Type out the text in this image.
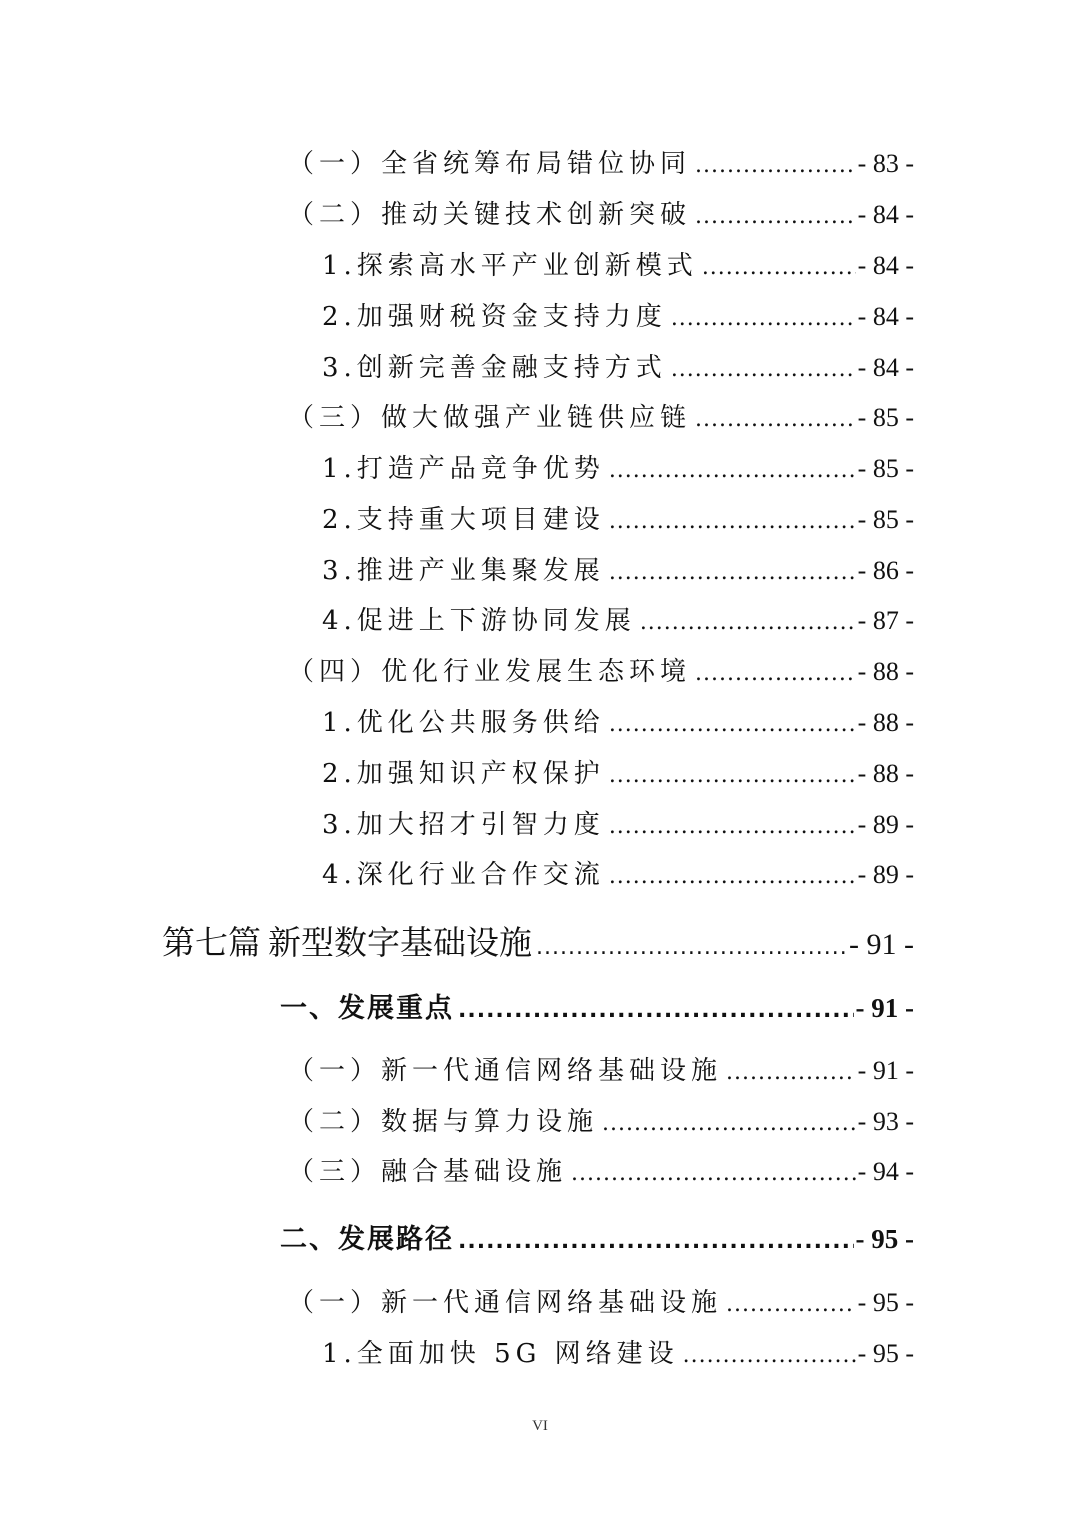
（一）全省统筹布局错位协同 .....	- 83 -
（二）推动关键技术创新突破 .....	- 84 -
1.探索高水平产业创新模式 .....	- 84 -
2.加强财税资金支持力度 .....	- 84 -
3.创新完善金融支持方式 .....	- 84 -
（三）做大做强产业链供应链 .....	- 85 -
1.打造产品竞争优势 .....	- 85 -
2.支持重大项目建设 .....	- 85 -
3.推进产业集聚发展 .....	- 86 -
4.促进上下游协同发展 .....	- 87 -
（四）优化行业发展生态环境 .....	- 88 -
1.优化公共服务供给 .....	- 88 -
2.加强知识产权保护 .....	- 88 -
3.加大招才引智力度 .....	- 89 -
4.深化行业合作交流 .....	- 89 -
第七篇 新型数字基础设施 .....	- 91 -
一、发展重点 .....	- 91 -
（一）新一代通信网络基础设施 .....	- 91 -
（二）数据与算力设施 .....	- 93 -
（三）融合基础设施 .....	- 94 -
二、发展路径 .....	- 95 -
（一）新一代通信网络基础设施 .....	- 95 -
1.全面加快 5G 网络建设 .....	- 95 -
VI
